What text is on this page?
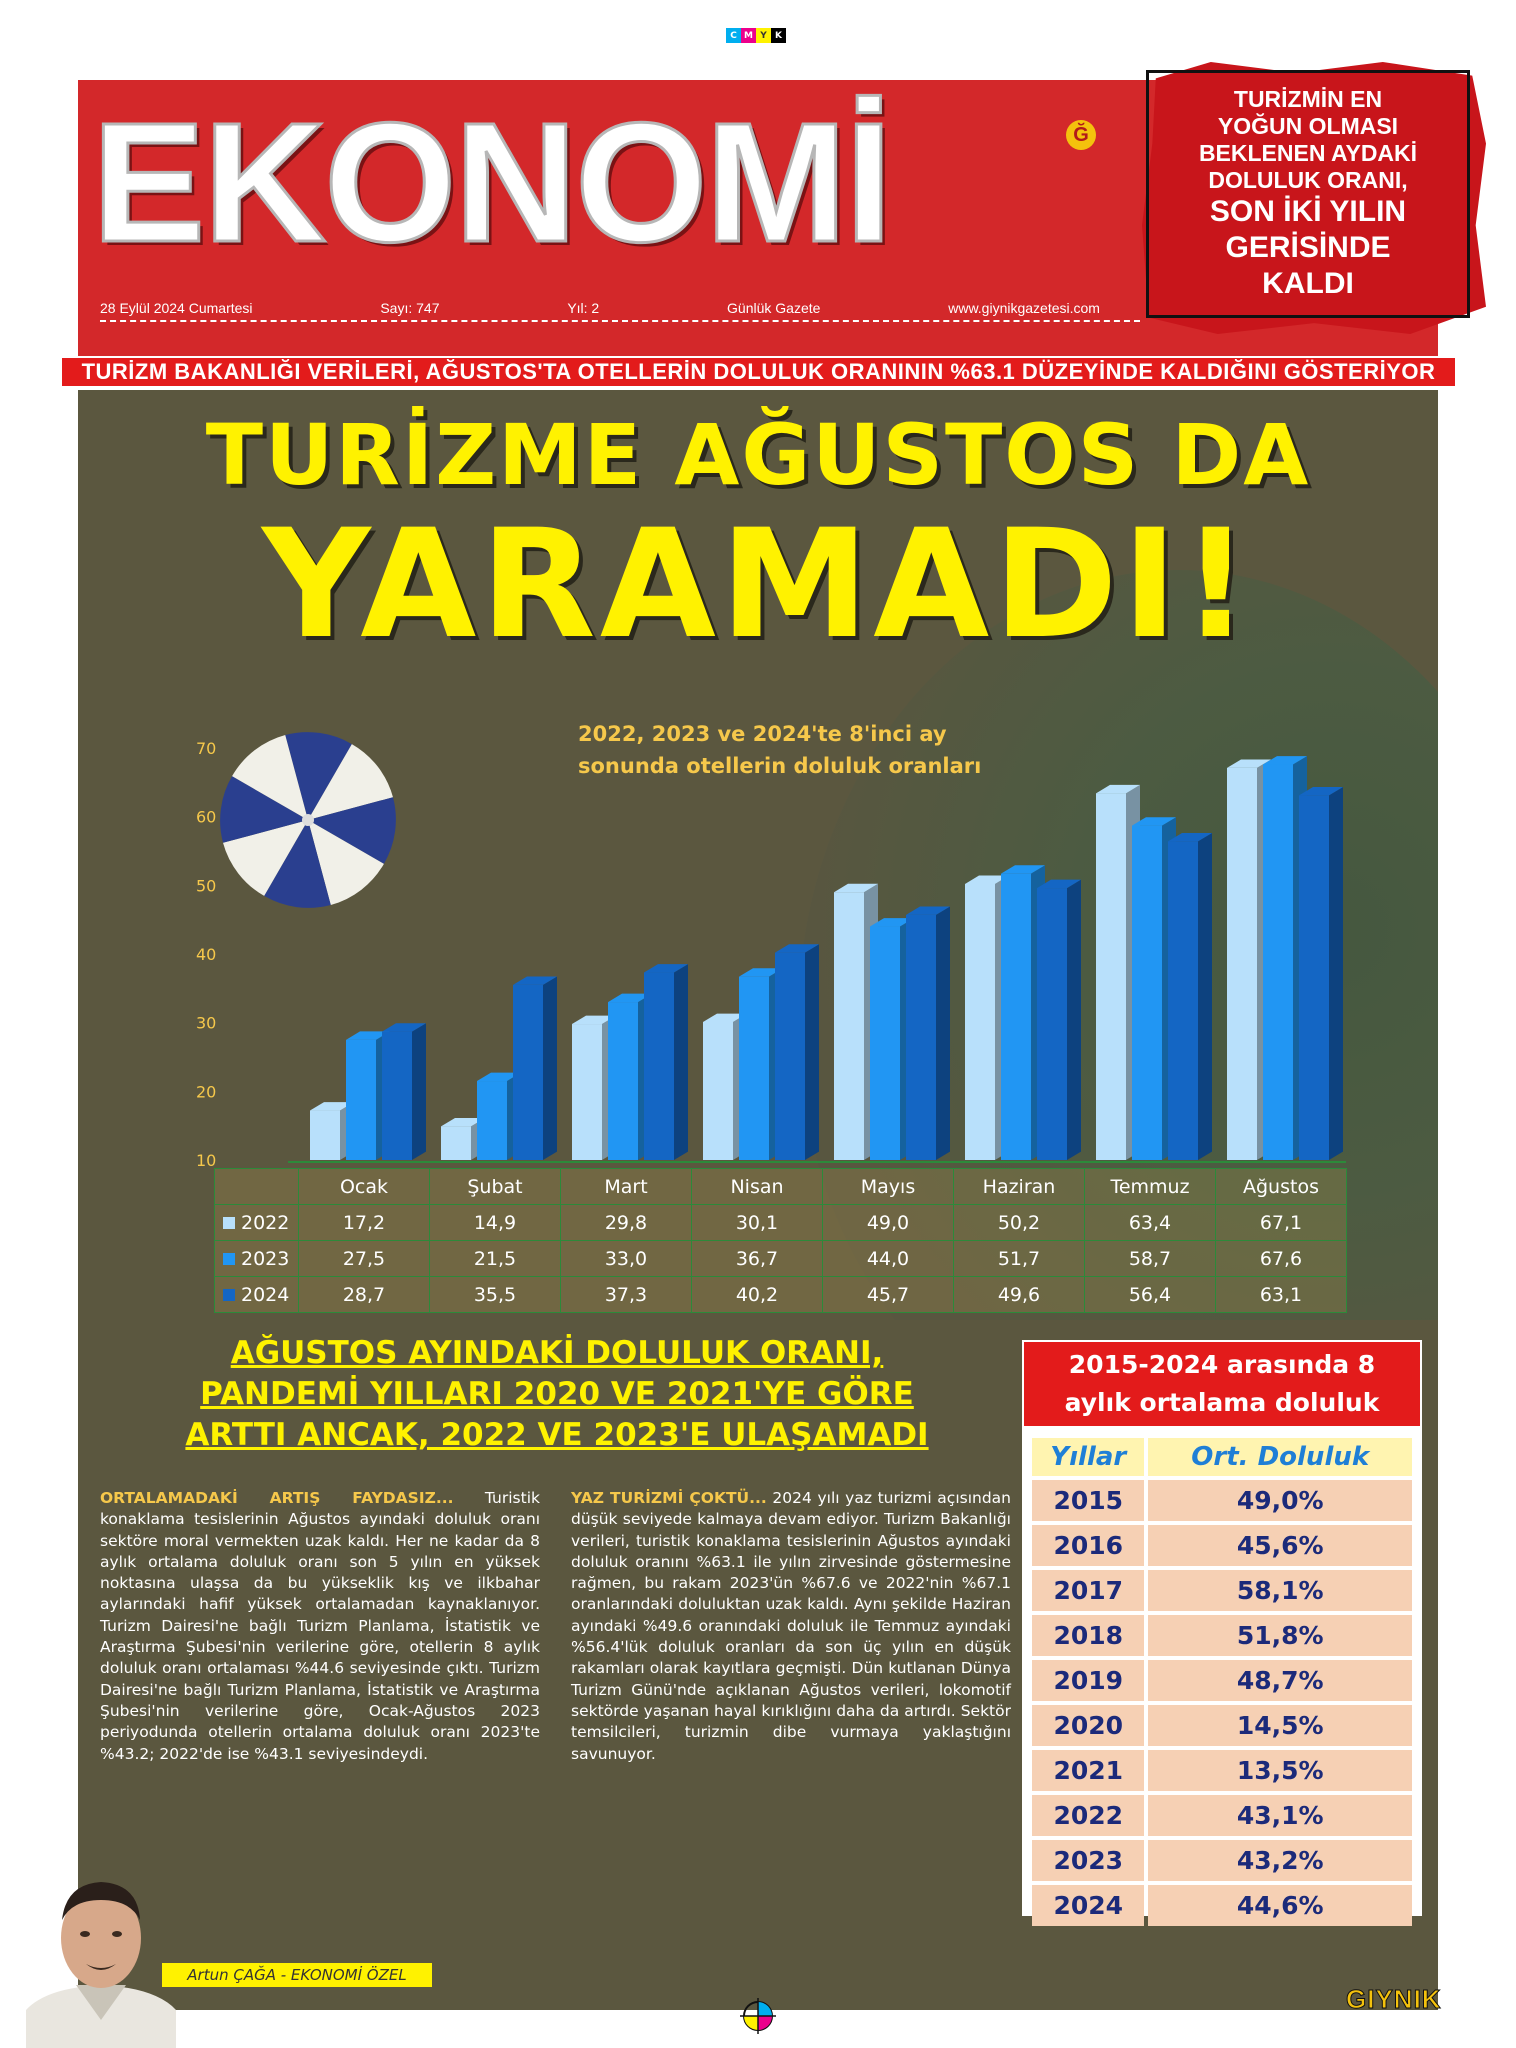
C M Y K
EKONOMİ	Ğ
28 Eylül 2024 Cumartesi	Sayı: 747	Yıl: 2	Günlük Gazete	www.giynikgazetesi.com
TURİZMİN EN
YOĞUN OLMASI
BEKLENEN AYDAKİ
DOLULUK ORANI,
SON İKİ YILIN
GERİSİNDE
KALDI
TURİZM BAKANLIĞI VERİLERİ, AĞUSTOS'TA OTELLERİN DOLULUK ORANININ %63.1 DÜZEYİNDE KALDIĞINI GÖSTERİYOR
TURİZME AĞUSTOS DA
YARAMADI!
2022, 2023 ve 2024'te 8'inci ay
sonunda otellerin doluluk oranları
10
20
30
40
50
60
70
	Ocak	Şubat	Mart	Nisan	Mayıs	Haziran	Temmuz	Ağustos
2022	17,2	14,9	29,8	30,1	49,0	50,2	63,4	67,1
2023	27,5	21,5	33,0	36,7	44,0	51,7	58,7	67,6
2024	28,7	35,5	37,3	40,2	45,7	49,6	56,4	63,1
AĞUSTOS AYINDAKİ DOLULUK ORANI,
PANDEMİ YILLARI 2020 VE 2021'YE GÖRE
ARTTI ANCAK, 2022 VE 2023'E ULAŞAMADI
ORTALAMADAKİ ARTIŞ FAYDASIZ... Turistik konaklama tesislerinin Ağustos ayındaki doluluk oranı sektöre moral vermekten uzak kaldı. Her ne kadar da 8 aylık ortalama doluluk oranı son 5 yılın en yüksek noktasına ulaşsa da bu yükseklik kış ve ilkbahar aylarındaki hafif yüksek ortalamadan kaynaklanıyor. Turizm Dairesi'ne bağlı Turizm Planlama, İstatistik ve Araştırma Şubesi'nin verilerine göre, otellerin 8 aylık doluluk oranı ortalaması %44.6 seviyesinde çıktı. Turizm Dairesi'ne bağlı Turizm Planlama, İstatistik ve Araştırma Şubesi'nin verilerine göre, Ocak-Ağustos 2023 periyodunda otellerin ortalama doluluk oranı 2023'te %43.2; 2022'de ise %43.1 seviyesindeydi.
YAZ TURİZMİ ÇOKTÜ... 2024 yılı yaz turizmi açısından düşük seviyede kalmaya devam ediyor. Turizm Bakanlığı verileri, turistik konaklama tesislerinin Ağustos ayındaki doluluk oranını %63.1 ile yılın zirvesinde göstermesine rağmen, bu rakam 2023'ün %67.6 ve 2022'nin %67.1 oranlarındaki doluluktan uzak kaldı. Aynı şekilde Haziran ayındaki %49.6 oranındaki doluluk ile Temmuz ayındaki %56.4'lük doluluk oranları da son üç yılın en düşük rakamları olarak kayıtlara geçmişti. Dün kutlanan Dünya Turizm Günü'nde açıklanan Ağustos verileri, lokomotif sektörde yaşanan hayal kırıklığını daha da artırdı. Sektör temsilcileri, turizmin dibe vurmaya yaklaştığını savunuyor.
Artun ÇAĞA - EKONOMİ ÖZEL
2015-2024 arasında 8
aylık ortalama doluluk
Yıllar	Ort. Doluluk
2015	49,0%
2016	45,6%
2017	58,1%
2018	51,8%
2019	48,7%
2020	14,5%
2021	13,5%
2022	43,1%
2023	43,2%
2024	44,6%
GIYNIK
